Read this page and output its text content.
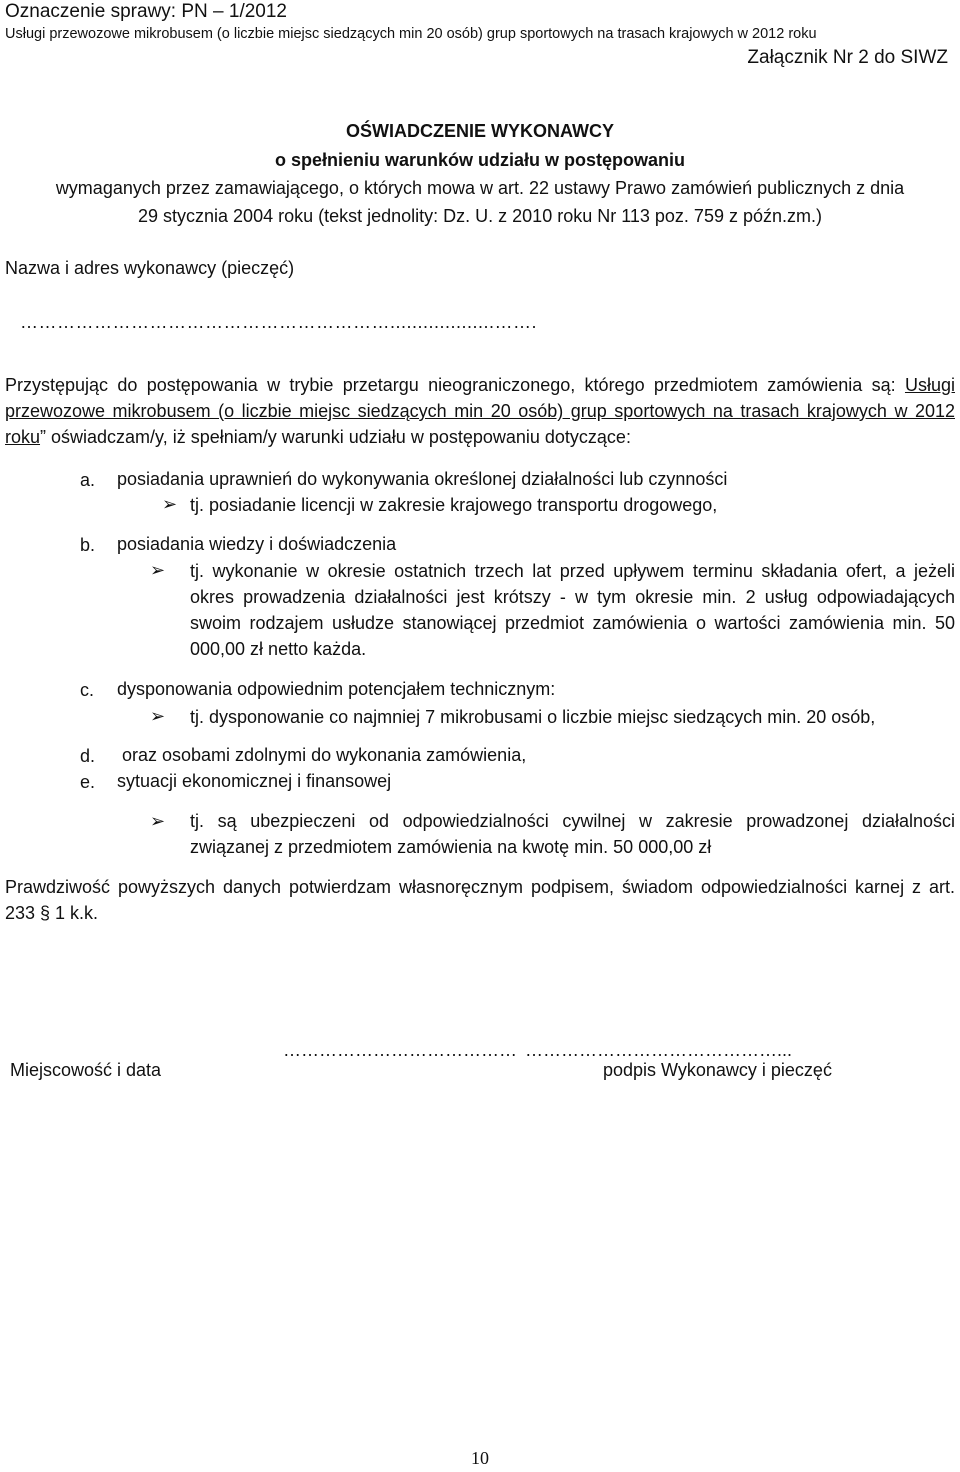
Oznaczenie sprawy: PN – 1/2012
Usługi przewozowe mikrobusem (o liczbie miejsc siedzących min 20 osób) grup sportowych na trasach krajowych w 2012 roku
Załącznik Nr 2 do SIWZ
OŚWIADCZENIE WYKONAWCY
o spełnieniu warunków udziału w postępowaniu
wymaganych przez zamawiającego, o których mowa w art. 22 ustawy Prawo zamówień publicznych z dnia
29 stycznia 2004 roku (tekst jednolity: Dz. U. z 2010 roku Nr 113 poz. 759 z późn.zm.)
Nazwa i adres wykonawcy (pieczęć)
……………………………………………………...................…….
Przystępując do postępowania w trybie przetargu nieograniczonego, którego przedmiotem zamówienia są: Usługi przewozowe mikrobusem (o liczbie miejsc siedzących min 20 osób) grup sportowych na trasach krajowych w 2012 roku” oświadczam/y, iż spełniam/y warunki udziału w postępowaniu dotyczące:
a. posiadania uprawnień do wykonywania określonej działalności lub czynności
➢ tj. posiadanie licencji w zakresie krajowego transportu drogowego,
b. posiadania wiedzy i doświadczenia
➢ tj. wykonanie w okresie ostatnich trzech lat przed upływem terminu składania ofert, a jeżeli okres prowadzenia działalności jest krótszy - w tym okresie min. 2 usług odpowiadających swoim rodzajem usłudze stanowiącej przedmiot zamówienia o wartości zamówienia min. 50 000,00 zł netto każda.
c. dysponowania odpowiednim potencjałem technicznym:
➢ tj. dysponowanie co najmniej 7 mikrobusami o liczbie miejsc siedzących min. 20 osób,
d. oraz osobami zdolnymi do wykonania zamówienia,
e. sytuacji ekonomicznej i finansowej
➢ tj. są ubezpieczeni od odpowiedzialności cywilnej w zakresie prowadzonej działalności związanej z przedmiotem zamówienia na kwotę min. 50 000,00 zł
Prawdziwość powyższych danych potwierdzam własnoręcznym podpisem, świadom odpowiedzialności karnej z art. 233 § 1 k.k.
…………………………………
Miejscowość i data
……………………………………...
podpis Wykonawcy i pieczęć
10
